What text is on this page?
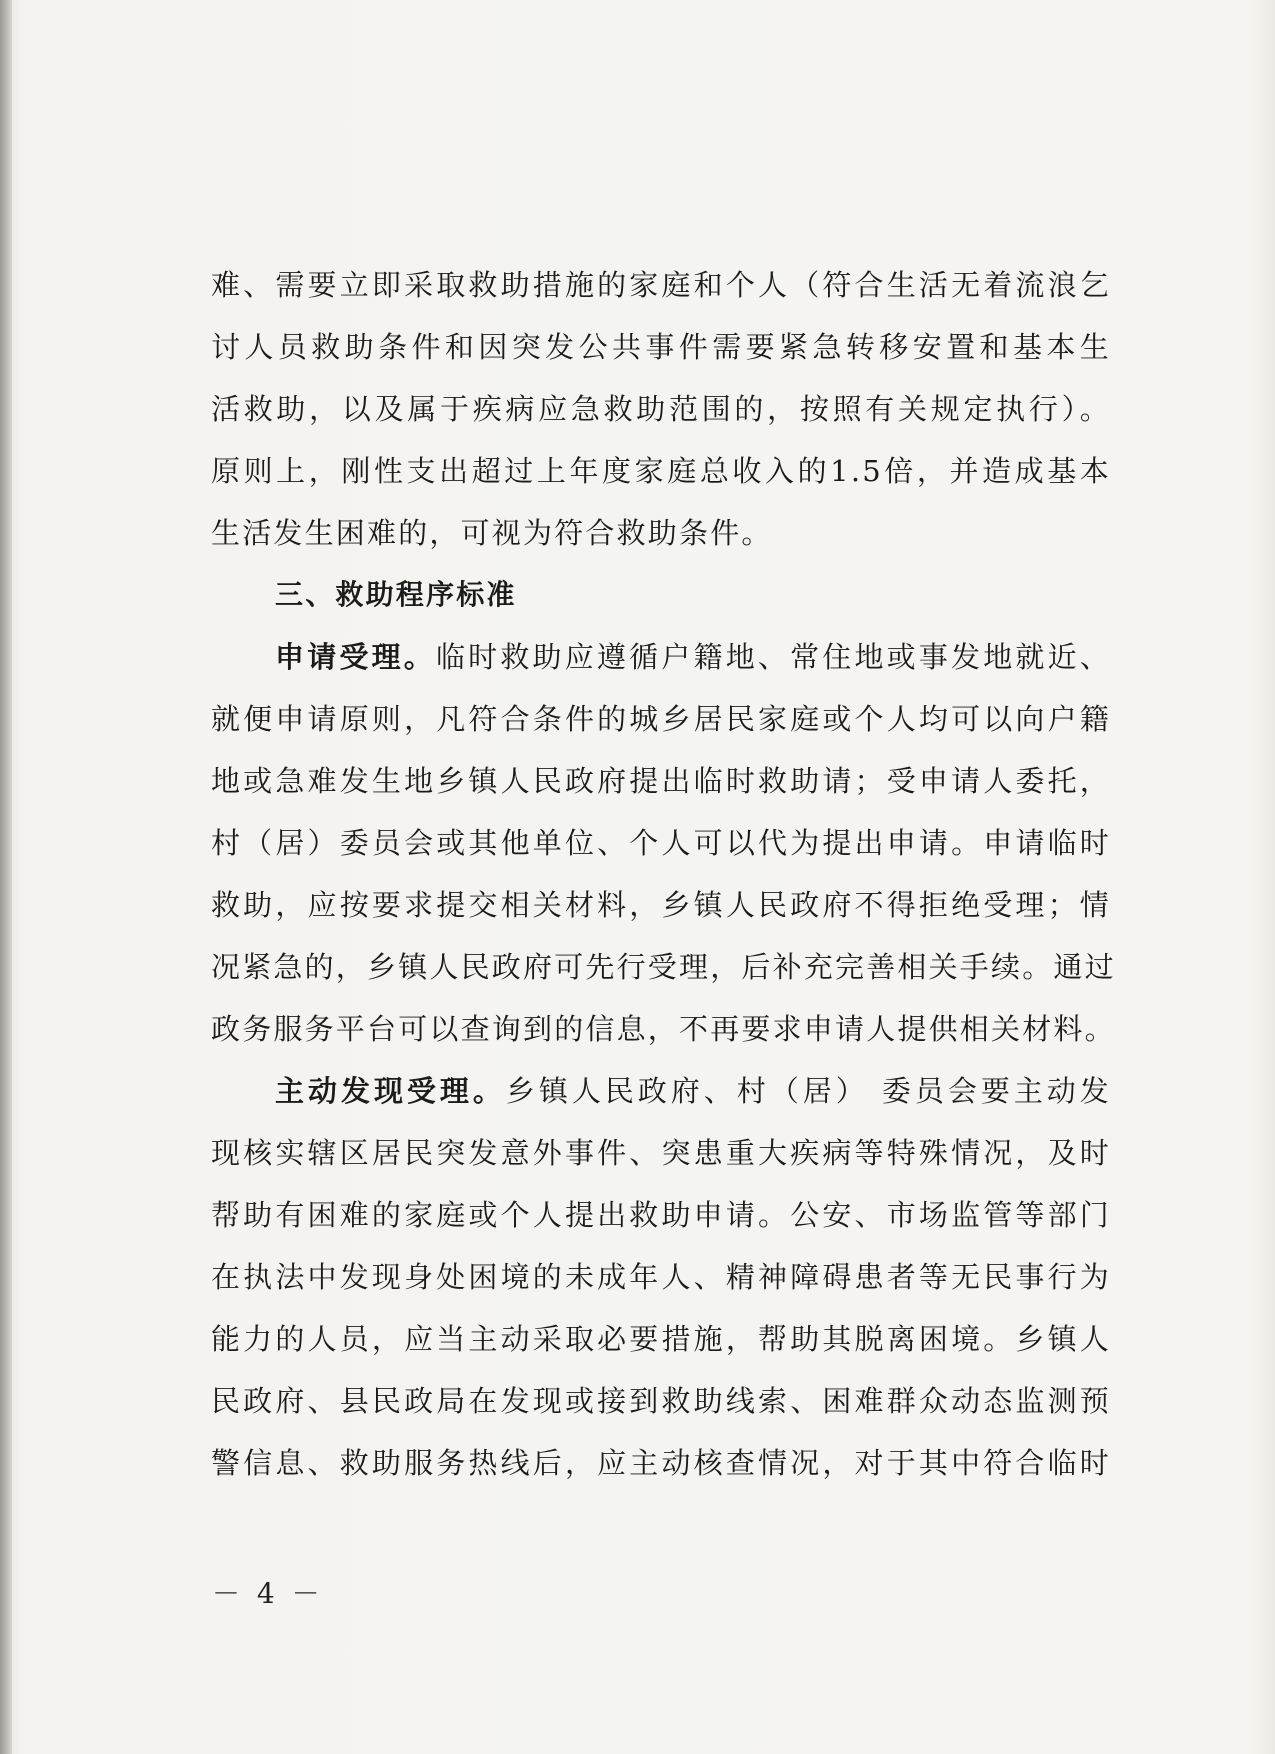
难、需要立即采取救助措施的家庭和个人（符合生活无着流浪乞
讨人员救助条件和因突发公共事件需要紧急转移安置和基本生
活救助，以及属于疾病应急救助范围的，按照有关规定执行）。
原则上，刚性支出超过上年度家庭总收入的1.5倍，并造成基本
生活发生困难的，可视为符合救助条件。
三、救助程序标准
申请受理。临时救助应遵循户籍地、常住地或事发地就近、
就便申请原则，凡符合条件的城乡居民家庭或个人均可以向户籍
地或急难发生地乡镇人民政府提出临时救助请；受申请人委托，
村（居）委员会或其他单位、个人可以代为提出申请。申请临时
救助，应按要求提交相关材料，乡镇人民政府不得拒绝受理；情
况紧急的，乡镇人民政府可先行受理，后补充完善相关手续。通过
政务服务平台可以查询到的信息，不再要求申请人提供相关材料。
主动发现受理。乡镇人民政府、村（居） 委员会要主动发
现核实辖区居民突发意外事件、突患重大疾病等特殊情况，及时
帮助有困难的家庭或个人提出救助申请。公安、市场监管等部门
在执法中发现身处困境的未成年人、精神障碍患者等无民事行为
能力的人员，应当主动采取必要措施，帮助其脱离困境。乡镇人
民政府、县民政局在发现或接到救助线索、困难群众动态监测预
警信息、救助服务热线后，应主动核查情况，对于其中符合临时
－ 4 －
